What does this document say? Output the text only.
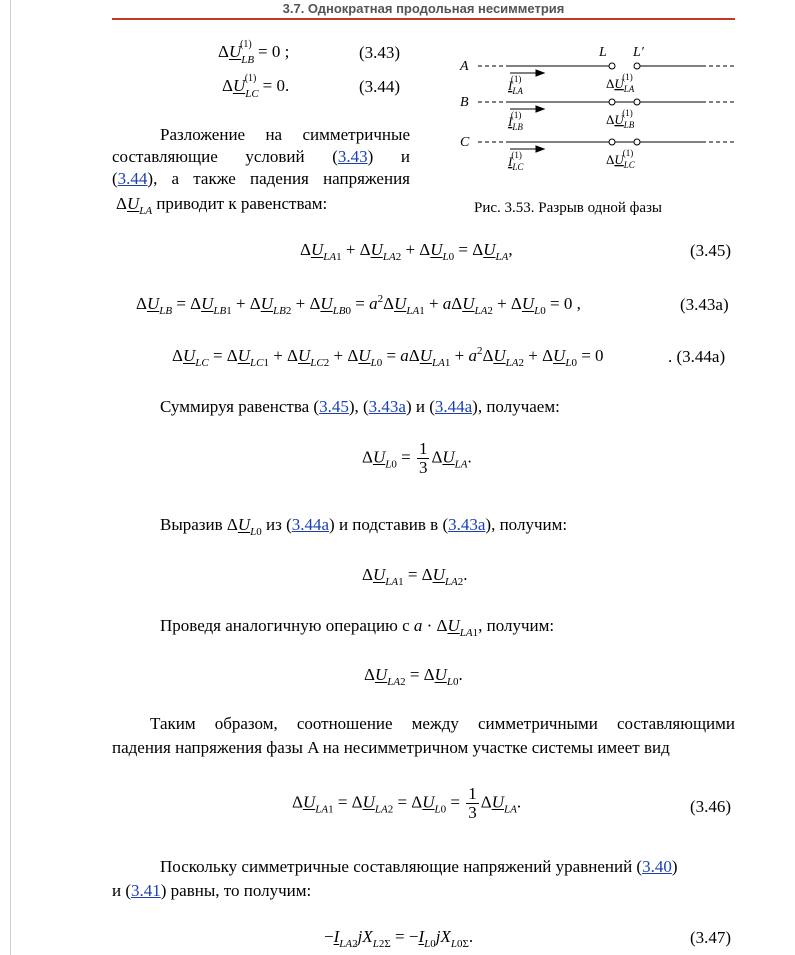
3.7. Однократная продольная несимметрия
$\Delta U_{LB}^{(1)} = 0$ ;	(3.43)
$\Delta U_{LC}^{(1)} = 0$.	(3.44)
A
B
C
L L′
$I_{LA}(1)$
$I_{LB}(1)$
$I_{LC}(1)$
$\Delta U_{LA}(1)$
$\Delta U_{LB}(1)$
$\Delta U_{LC}(1)$
Рис. 3.53. Разрыв одной фазы
Разложение на симметричные
составляющие условий (3.43) и
(3.44), а также падения напряжения
$\Delta U_{LA}$ приводит к равенствам:
$\Delta U_{LA1} + \Delta U_{LA2} + \Delta U_{L0} = \Delta U_{LA}$,	(3.45)
$\Delta U_{LB} = \Delta U_{LB1} + \Delta U_{LB2} + \Delta U_{LB0} = a^2\Delta U_{LA1} + a\Delta U_{LA2} + \Delta U_{L0} = 0$ ,	(3.43а)
$\Delta U_{LC} = \Delta U_{LC1} + \Delta U_{LC2} + \Delta U_{L0} = a\Delta U_{LA1} + a^2\Delta U_{LA2} + \Delta U_{L0} = 0$	. (3.44а)
Суммируя равенства (3.45), (3.43а) и (3.44а), получаем:
$\Delta U_{L0} = \frac{1}{3} \Delta U_{LA}$.
Выразив $\Delta U_{L0}$ из (3.44а) и подставив в (3.43а), получим:
$\Delta U_{LA1} = \Delta U_{LA2}$.
Проведя аналогичную операцию с $a \cdot \Delta U_{LA1}$, получим:
$\Delta U_{LA2} = \Delta U_{L0}$.
Таким образом, соотношение между симметричными составляющими
падения напряжения фазы A на несимметричном участке системы имеет вид
$\Delta U_{LA1} = \Delta U_{LA2} = \Delta U_{L0} = \frac{1}{3} \Delta U_{LA}$.	(3.46)
Поскольку симметричные составляющие напряжений уравнений (3.40)
и (3.41) равны, то получим:
$-I_{LA2}jX_{L2\Sigma} = -I_{L0}jX_{L0\Sigma}$.	(3.47)
